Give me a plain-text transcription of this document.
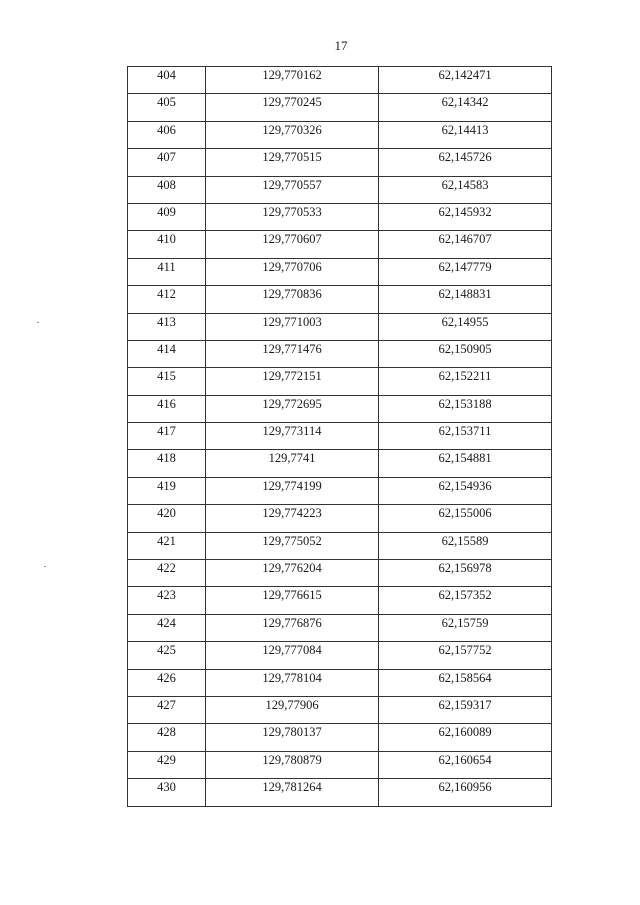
17
404	129,770162	62,142471
405	129,770245	62,14342
406	129,770326	62,14413
407	129,770515	62,145726
408	129,770557	62,14583
409	129,770533	62,145932
410	129,770607	62,146707
411	129,770706	62,147779
412	129,770836	62,148831
413	129,771003	62,14955
414	129,771476	62,150905
415	129,772151	62,152211
416	129,772695	62,153188
417	129,773114	62,153711
418	129,7741	62,154881
419	129,774199	62,154936
420	129,774223	62,155006
421	129,775052	62,15589
422	129,776204	62,156978
423	129,776615	62,157352
424	129,776876	62,15759
425	129,777084	62,157752
426	129,778104	62,158564
427	129,77906	62,159317
428	129,780137	62,160089
429	129,780879	62,160654
430	129,781264	62,160956
